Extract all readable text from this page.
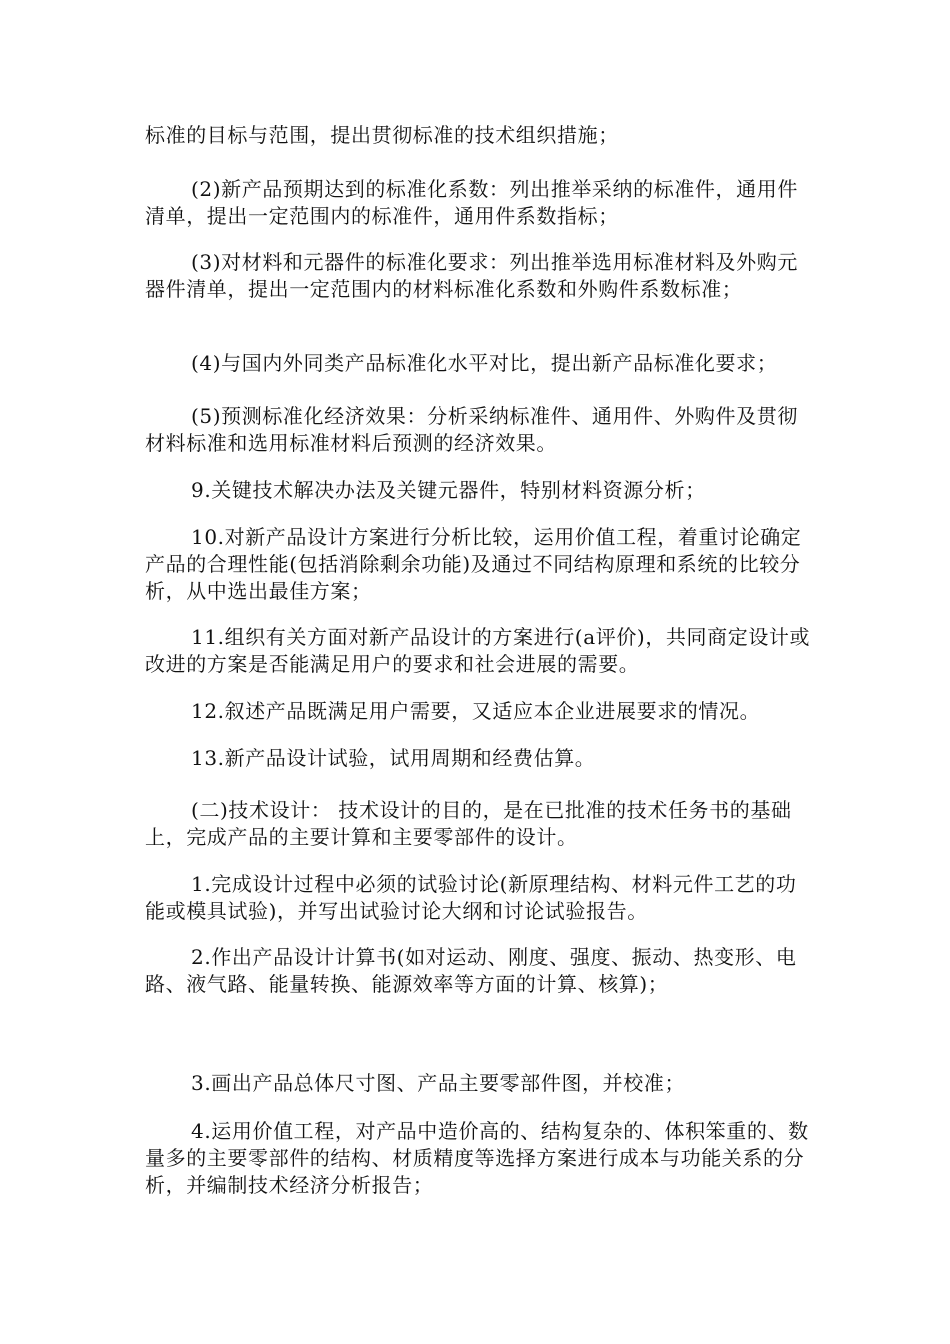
标准的目标与范围，提出贯彻标准的技术组织措施；

(2)新产品预期达到的标准化系数：列出推举采纳的标准件，通用件清单，提出一定范围内的标准件，通用件系数指标；

(3)对材料和元器件的标准化要求：列出推举选用标准材料及外购元器件清单，提出一定范围内的材料标准化系数和外购件系数标准；

(4)与国内外同类产品标准化水平对比，提出新产品标准化要求；

(5)预测标准化经济效果：分析采纳标准件、通用件、外购件及贯彻材料标准和选用标准材料后预测的经济效果。

9.关键技术解决办法及关键元器件，特别材料资源分析；

10.对新产品设计方案进行分析比较，运用价值工程，着重讨论确定产品的合理性能(包括消除剩余功能)及通过不同结构原理和系统的比较分析，从中选出最佳方案；

11.组织有关方面对新产品设计的方案进行(a评价)，共同商定设计或改进的方案是否能满足用户的要求和社会进展的需要。

12.叙述产品既满足用户需要，又适应本企业进展要求的情况。

13.新产品设计试验，试用周期和经费估算。

(二)技术设计： 技术设计的目的，是在已批准的技术任务书的基础上，完成产品的主要计算和主要零部件的设计。

1.完成设计过程中必须的试验讨论(新原理结构、材料元件工艺的功能或模具试验)，并写出试验讨论大纲和讨论试验报告。

2.作出产品设计计算书(如对运动、刚度、强度、振动、热变形、电路、液气路、能量转换、能源效率等方面的计算、核算)；

3.画出产品总体尺寸图、产品主要零部件图，并校准；

4.运用价值工程，对产品中造价高的、结构复杂的、体积笨重的、数量多的主要零部件的结构、材质精度等选择方案进行成本与功能关系的分析，并编制技术经济分析报告；
